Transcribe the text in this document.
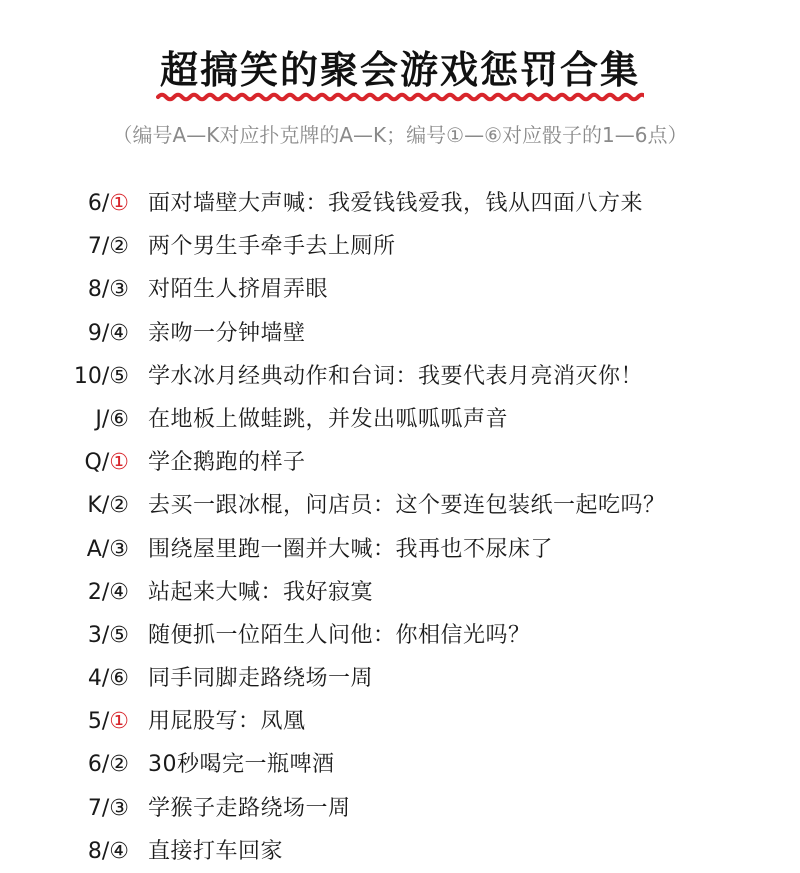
超搞笑的聚会游戏惩罚合集
（编号A—K对应扑克牌的A—K；编号①—⑥对应骰子的1—6点）
6/① 面对墙壁大声喊：我爱钱钱爱我，钱从四面八方来
7/② 两个男生手牵手去上厕所
8/③ 对陌生人挤眉弄眼
9/④ 亲吻一分钟墙壁
10/⑤ 学水冰月经典动作和台词：我要代表月亮消灭你！
J/⑥ 在地板上做蛙跳，并发出呱呱呱声音
Q/① 学企鹅跑的样子
K/② 去买一跟冰棍，问店员：这个要连包装纸一起吃吗？
A/③ 围绕屋里跑一圈并大喊：我再也不尿床了
2/④ 站起来大喊：我好寂寞
3/⑤ 随便抓一位陌生人问他：你相信光吗？
4/⑥ 同手同脚走路绕场一周
5/① 用屁股写：凤凰
6/② 30秒喝完一瓶啤酒
7/③ 学猴子走路绕场一周
8/④ 直接打车回家
